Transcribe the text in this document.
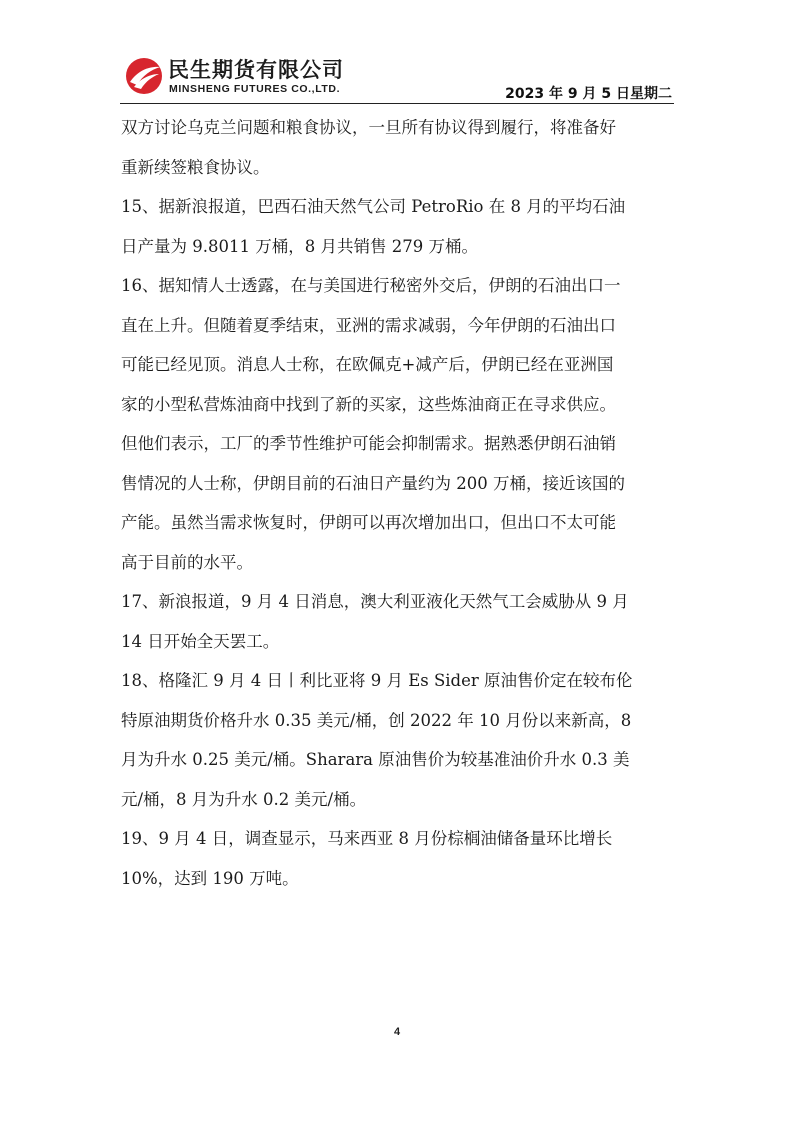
民生期货有限公司
MINSHENG FUTURES CO.,LTD.	2023 年 9 月 5 日星期二
双方讨论乌克兰问题和粮食协议，一旦所有协议得到履行，将准备好
重新续签粮食协议。
15、据新浪报道，巴西石油天然气公司 PetroRio 在 8 月的平均石油
日产量为 9.8011 万桶，8 月共销售 279 万桶。
16、据知情人士透露，在与美国进行秘密外交后，伊朗的石油出口一
直在上升。但随着夏季结束，亚洲的需求减弱，今年伊朗的石油出口
可能已经见顶。消息人士称，在欧佩克+减产后，伊朗已经在亚洲国
家的小型私营炼油商中找到了新的买家，这些炼油商正在寻求供应。
但他们表示，工厂的季节性维护可能会抑制需求。据熟悉伊朗石油销
售情况的人士称，伊朗目前的石油日产量约为 200 万桶，接近该国的
产能。虽然当需求恢复时，伊朗可以再次增加出口，但出口不太可能
高于目前的水平。
17、新浪报道，9 月 4 日消息，澳大利亚液化天然气工会威胁从 9 月
14 日开始全天罢工。
18、格隆汇 9 月 4 日丨利比亚将 9 月 Es Sider 原油售价定在较布伦
特原油期货价格升水 0.35 美元/桶，创 2022 年 10 月份以来新高，8
月为升水 0.25 美元/桶。Sharara 原油售价为较基准油价升水 0.3 美
元/桶，8 月为升水 0.2 美元/桶。
19、9 月 4 日，调查显示，马来西亚 8 月份棕榈油储备量环比增长
10%，达到 190 万吨。
4
